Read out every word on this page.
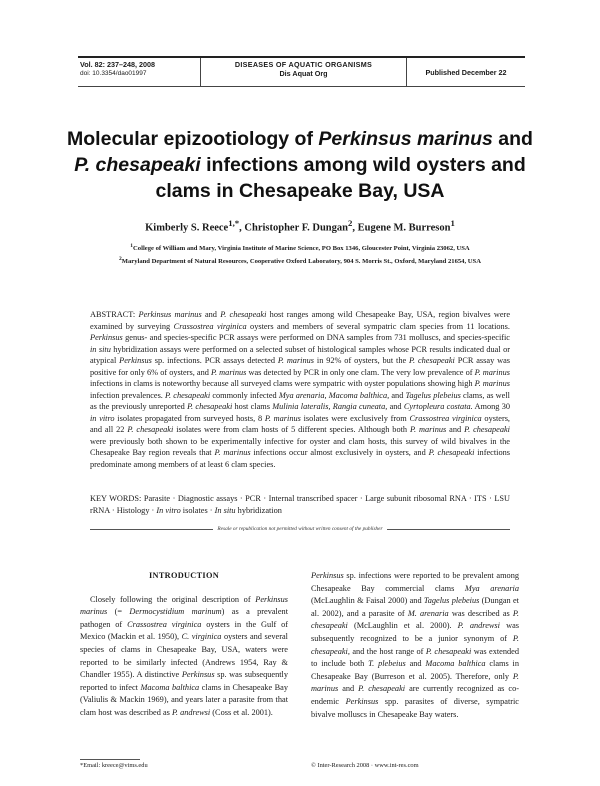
Vol. 82: 237–248, 2008
doi: 10.3354/dao01997
DISEASES OF AQUATIC ORGANISMS
Dis Aquat Org	Published December 22
Molecular epizootiology of Perkinsus marinus and P. chesapeaki infections among wild oysters and clams in Chesapeake Bay, USA
Kimberly S. Reece$^{1,*}$, Christopher F. Dungan$^2$, Eugene M. Burreson$^1$
$^1$College of William and Mary, Virginia Institute of Marine Science, PO Box 1346, Gloucester Point, Virginia 23062, USA
$^2$Maryland Department of Natural Resources, Cooperative Oxford Laboratory, 904 S. Morris St., Oxford, Maryland 21654, USA
ABSTRACT: Perkinsus marinus and P. chesapeaki host ranges among wild Chesapeake Bay, USA, region bivalves were examined by surveying Crassostrea virginica oysters and members of several sympatric clam species from 11 locations. Perkinsus genus- and species-specific PCR assays were performed on DNA samples from 731 molluscs, and species-specific in situ hybridization assays were performed on a selected subset of histological samples whose PCR results indicated dual or atypical Perkinsus sp. infections. PCR assays detected P. marinus in 92% of oysters, but the P. chesapeaki PCR assay was positive for only 6% of oysters, and P. marinus was detected by PCR in only one clam. The very low prevalence of P. marinus infections in clams is noteworthy because all surveyed clams were sympatric with oyster populations showing high P. marinus infection prevalences. P. chesapeaki commonly infected Mya arenaria, Macoma balthica, and Tagelus plebeius clams, as well as the previously unreported P. chesapeaki host clams Mulinia lateralis, Rangia cuneata, and Cyrtopleura costata. Among 30 in vitro isolates propagated from surveyed hosts, 8 P. marinus isolates were exclusively from Crassostrea virginica oysters, and all 22 P. chesapeaki isolates were from clam hosts of 5 different species. Although both P. marinus and P. chesapeaki were previously both shown to be experimentally infective for oyster and clam hosts, this survey of wild bivalves in the Chesapeake Bay region reveals that P. marinus infections occur almost exclusively in oysters, and P. chesapeaki infections predominate among members of at least 6 clam species.
KEY WORDS: Parasite · Diagnostic assays · PCR · Internal transcribed spacer · Large subunit ribosomal RNA · ITS · LSU rRNA · Histology · In vitro isolates · In situ hybridization
Resale or republication not permitted without written consent of the publisher
INTRODUCTION
Closely following the original description of Perkinsus marinus (= Dermocystidium marinum) as a prevalent pathogen of Crassostrea virginica oysters in the Gulf of Mexico (Mackin et al. 1950), C. virginica oysters and several species of clams in Chesapeake Bay, USA, waters were reported to be similarly infected (Andrews 1954, Ray & Chandler 1955). A distinctive Perkinsus sp. was subsequently reported to infect Macoma balthica clams in Chesapeake Bay (Valiulis & Mackin 1969), and years later a parasite from that clam host was described as P. andrewsi (Coss et al. 2001).
Perkinsus sp. infections were reported to be prevalent among Chesapeake Bay commercial clams Mya arenaria (McLaughlin & Faisal 2000) and Tagelus plebeius (Dungan et al. 2002), and a parasite of M. arenaria was described as P. chesapeaki (McLaughlin et al. 2000). P. andrewsi was subsequently recognized to be a junior synonym of P. chesapeaki, and the host range of P. chesapeaki was extended to include both T. plebeius and Macoma balthica clams in Chesapeake Bay (Burreson et al. 2005). Therefore, only P. marinus and P. chesapeaki are currently recognized as co-endemic Perkinsus spp. parasites of diverse, sympatric bivalve molluscs in Chesapeake Bay waters.
*Email: kreece@vims.edu	© Inter-Research 2008 · www.int-res.com
